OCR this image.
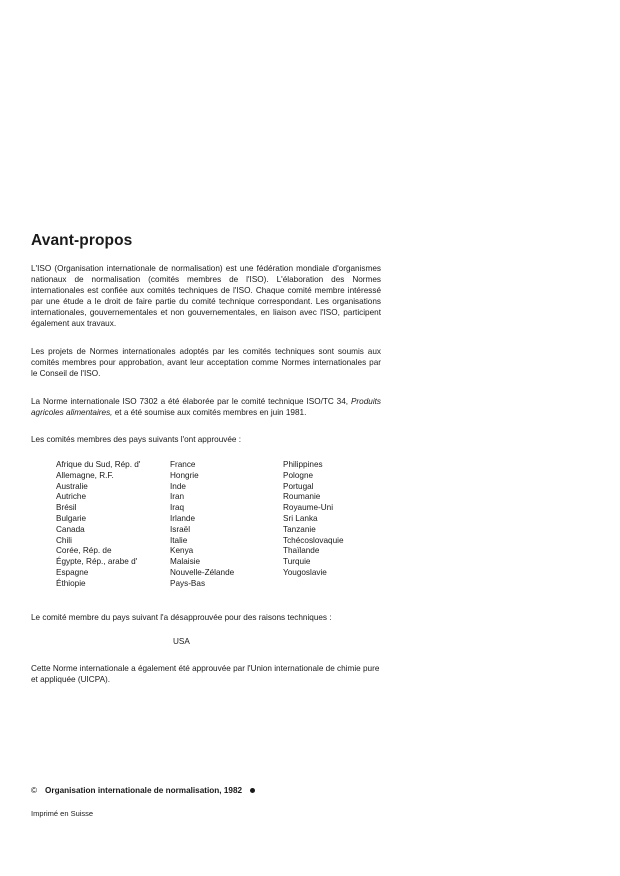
Avant-propos

L'ISO (Organisation internationale de normalisation) est une fédération mondiale d'organismes nationaux de normalisation (comités membres de l'ISO). L'élaboration des Normes internationales est confiée aux comités techniques de l'ISO. Chaque comité membre intéressé par une étude a le droit de faire partie du comité technique correspondant. Les organisations internationales, gouvernementales et non gouvernementales, en liaison avec l'ISO, participent également aux travaux.

Les projets de Normes internationales adoptés par les comités techniques sont soumis aux comités membres pour approbation, avant leur acceptation comme Normes internationales par le Conseil de l'ISO.

La Norme internationale ISO 7302 a été élaborée par le comité technique ISO/TC 34, Produits agricoles alimentaires, et a été soumise aux comités membres en juin 1981.

Les comités membres des pays suivants l'ont approuvée :

Afrique du Sud, Rép. d'
Allemagne, R.F.
Australie
Autriche
Brésil
Bulgarie
Canada
Chili
Corée, Rép. de
Égypte, Rép., arabe d'
Espagne
Éthiopie
France
Hongrie
Inde
Iran
Iraq
Irlande
Israël
Italie
Kenya
Malaisie
Nouvelle-Zélande
Pays-Bas
Philippines
Pologne
Portugal
Roumanie
Royaume-Uni
Sri Lanka
Tanzanie
Tchécoslovaquie
Thaïlande
Turquie
Yougoslavie

Le comité membre du pays suivant l'a désapprouvée pour des raisons techniques :

USA

Cette Norme internationale a également été approuvée par l'Union internationale de chimie pure et appliquée (UICPA).

© Organisation internationale de normalisation, 1982
Imprimé en Suisse
